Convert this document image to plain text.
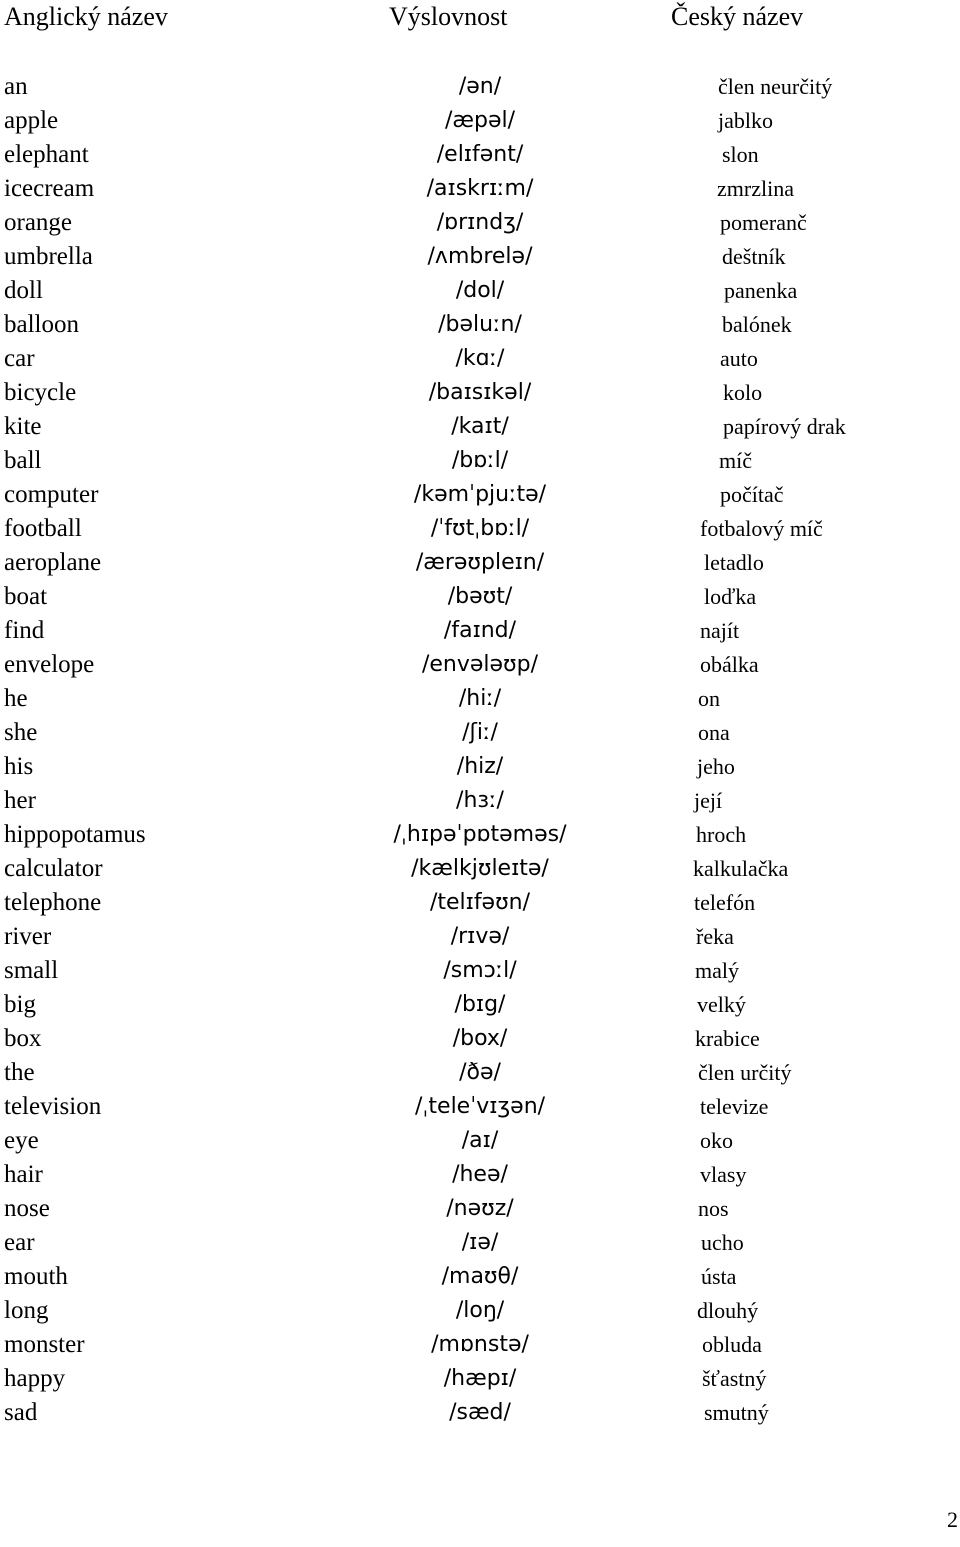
Anglický název	Výslovnost	Český název
an	/ən/	člen neurčitý
apple	/æpəl/	jablko
elephant	/elɪfənt/	slon
icecream	/aɪskrɪːm/	zmrzlina
orange	/ɒrɪndʒ/	pomeranč
umbrella	/ʌmbrelə/	deštník
doll	/dol/	panenka
balloon	/bəluːn/	balónek
car	/kɑː/	auto
bicycle	/baɪsɪkəl/	kolo
kite	/kaɪt/	papírový drak
ball	/bɒːl/	míč
computer	/kəmˈpjuːtə/	počítač
football	/ˈfʊtˌbɒːl/	fotbalový míč
aeroplane	/ærəʊpleɪn/	letadlo
boat	/bəʊt/	loďka
find	/faɪnd/	najít
envelope	/envələʊp/	obálka
he	/hiː/	on
she	/ʃiː/	ona
his	/hiz/	jeho
her	/hɜː/	její
hippopotamus	/ˌhɪpəˈpɒtəməs/	hroch
calculator	/kælkjʊleɪtə/	kalkulačka
telephone	/telɪfəʊn/	telefón
river	/rɪvə/	řeka
small	/smɔːl/	malý
big	/bɪg/	velký
box	/box/	krabice
the	/ðə/	člen určitý
television	/ˌteleˈvɪʒən/	televize
eye	/aɪ/	oko
hair	/heə/	vlasy
nose	/nəʊz/	nos
ear	/ɪə/	ucho
mouth	/maʊθ/	ústa
long	/loŋ/	dlouhý
monster	/mɒnstə/	obluda
happy	/hæpɪ/	šťastný
sad	/sæd/	smutný
2
